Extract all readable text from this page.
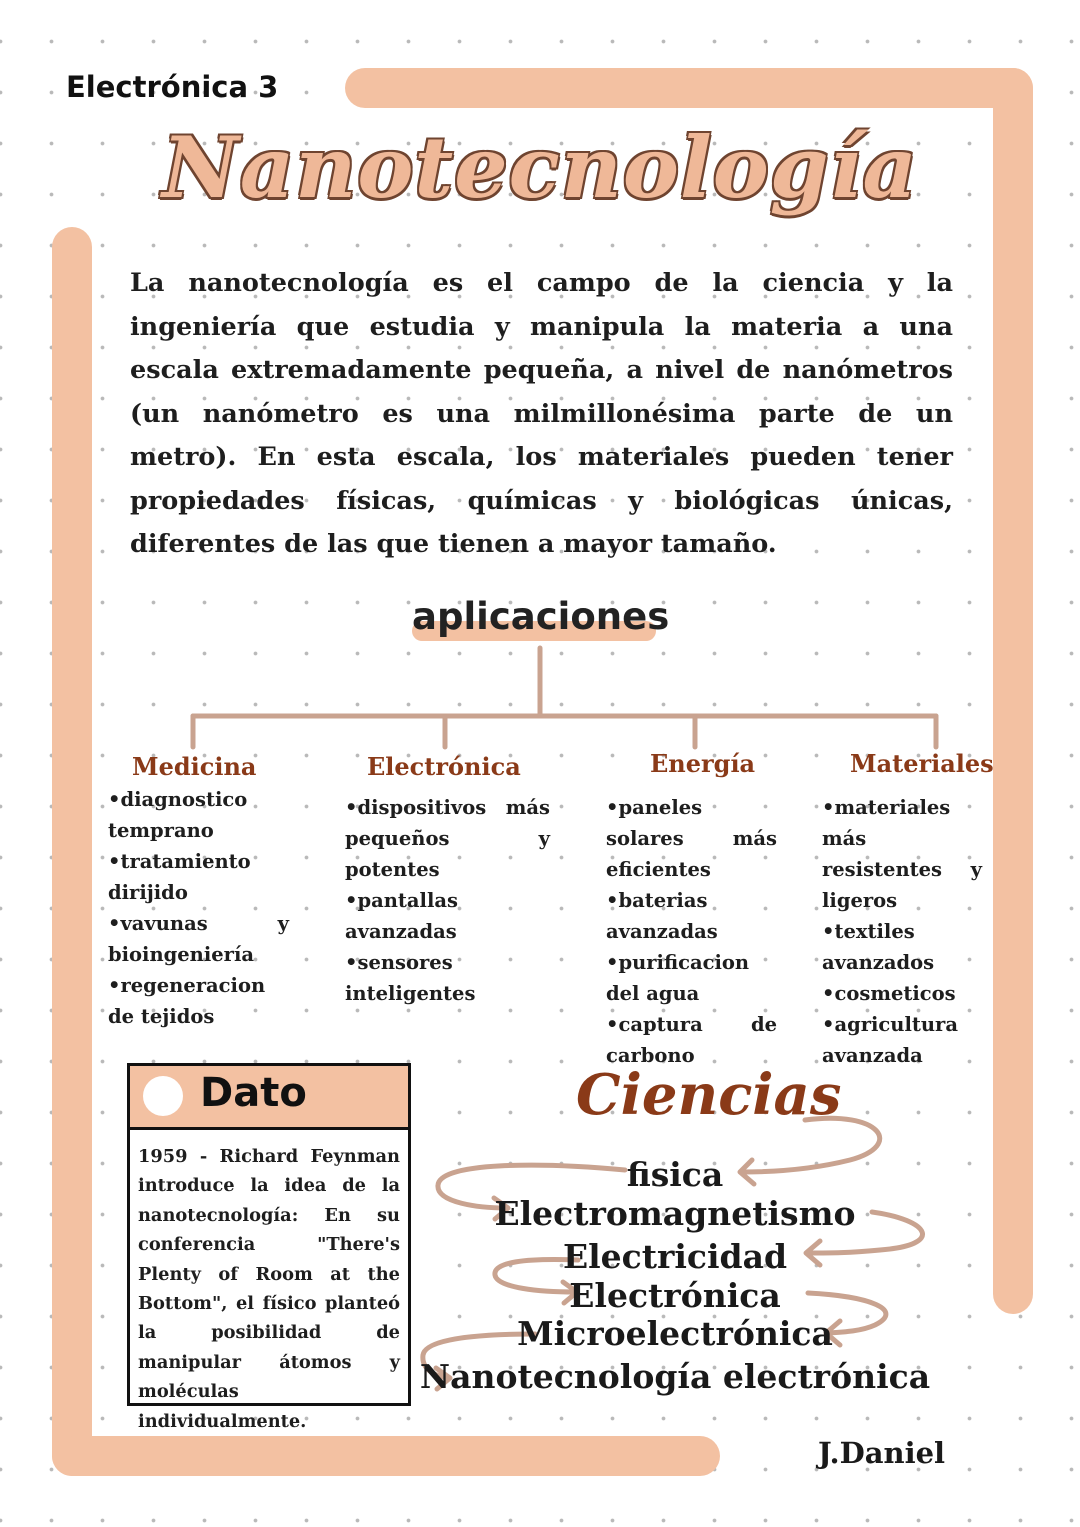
Electrónica 3
Nanotecnología
La nanotecnología es el campo de la ciencia y la ingeniería que estudia y manipula la materia a una escala extremadamente pequeña, a nivel de nanómetros (un nanómetro es una milmillonésima parte de un metro). En esta escala, los materiales pueden tener propiedades físicas, químicas y biológicas únicas, diferentes de las que tienen a mayor tamaño.
aplicaciones
Medicina
•diagnostico temprano
•tratamiento dirijido
•vavunas y bioingeniería
•regeneracion de tejidos
Electrónica
•dispositivos más pequeños y potentes
•pantallas avanzadas
•sensores inteligentes
Energía
•paneles solares más eficientes
•baterias avanzadas
•purificacion del agua
•captura de carbono
Materiales
•materiales más resistentes y ligeros
•textiles avanzados
•cosmeticos
•agricultura avanzada
Dato
1959 - Richard Feynman introduce la idea de la nanotecnología: En su conferencia "There's Plenty of Room at the Bottom", el físico planteó la posibilidad de manipular átomos y moléculas individualmente.
Ciencias
fisica
Electromagnetismo
Electricidad
Electrónica
Microelectrónica
Nanotecnología electrónica
J.Daniel
